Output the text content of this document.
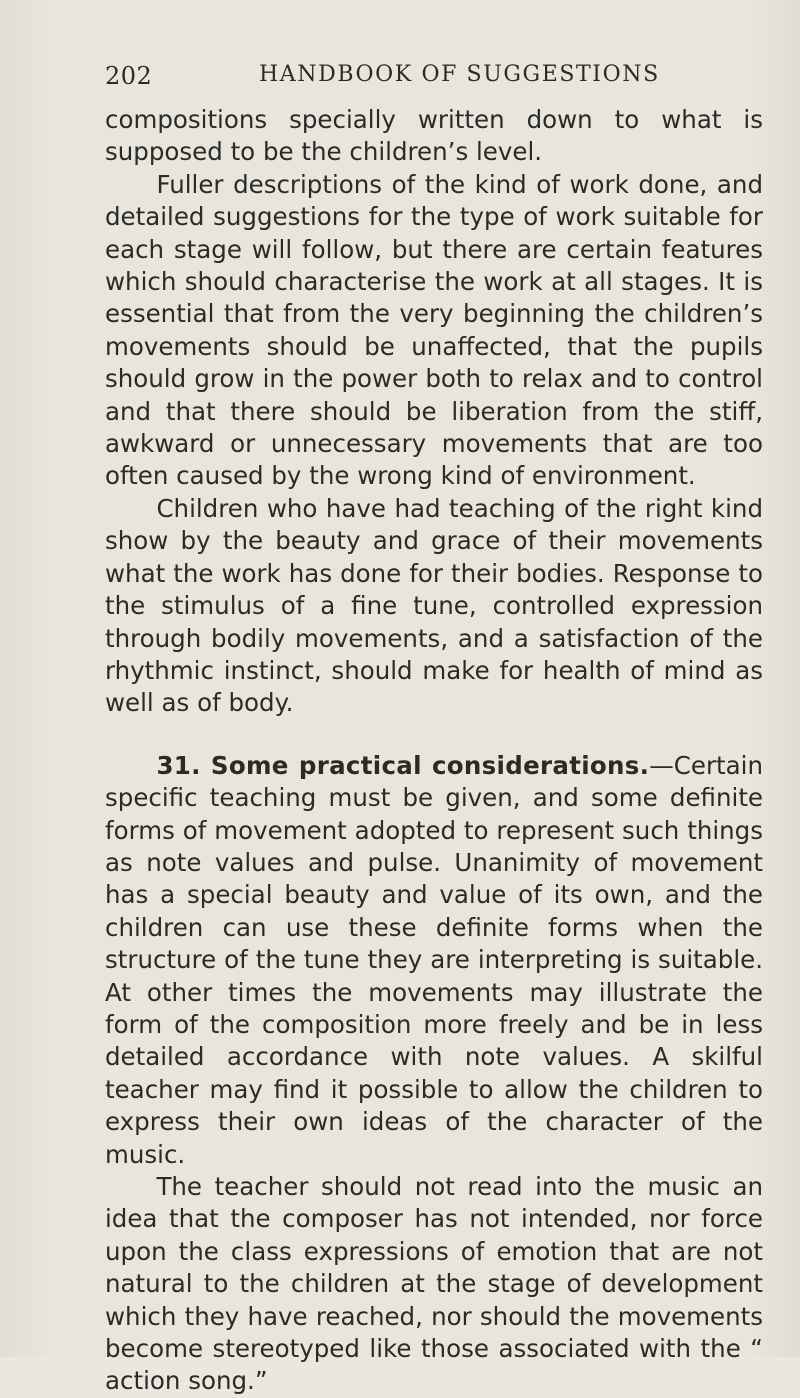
202	HANDBOOK OF SUGGESTIONS

compositions specially written down to what is supposed to be the children’s level.

Fuller descriptions of the kind of work done, and detailed suggestions for the type of work suitable for each stage will follow, but there are certain features which should characterise the work at all stages. It is essential that from the very beginning the children’s movements should be unaffected, that the pupils should grow in the power both to relax and to control and that there should be liberation from the stiff, awkward or unnecessary movements that are too often caused by the wrong kind of environment.

Children who have had teaching of the right kind show by the beauty and grace of their movements what the work has done for their bodies. Response to the stimulus of a fine tune, controlled expression through bodily movements, and a satisfaction of the rhythmic instinct, should make for health of mind as well as of body.

31. Some practical considerations.—Certain specific teaching must be given, and some definite forms of movement adopted to represent such things as note values and pulse. Unanimity of movement has a special beauty and value of its own, and the children can use these definite forms when the structure of the tune they are interpreting is suitable. At other times the movements may illustrate the form of the composition more freely and be in less detailed accordance with note values. A skilful teacher may find it possible to allow the children to express their own ideas of the character of the music.

The teacher should not read into the music an idea that the composer has not intended, nor force upon the class expressions of emotion that are not natural to the children at the stage of development which they have reached, nor should the movements become stereotyped like those associated with the “ action song.”
